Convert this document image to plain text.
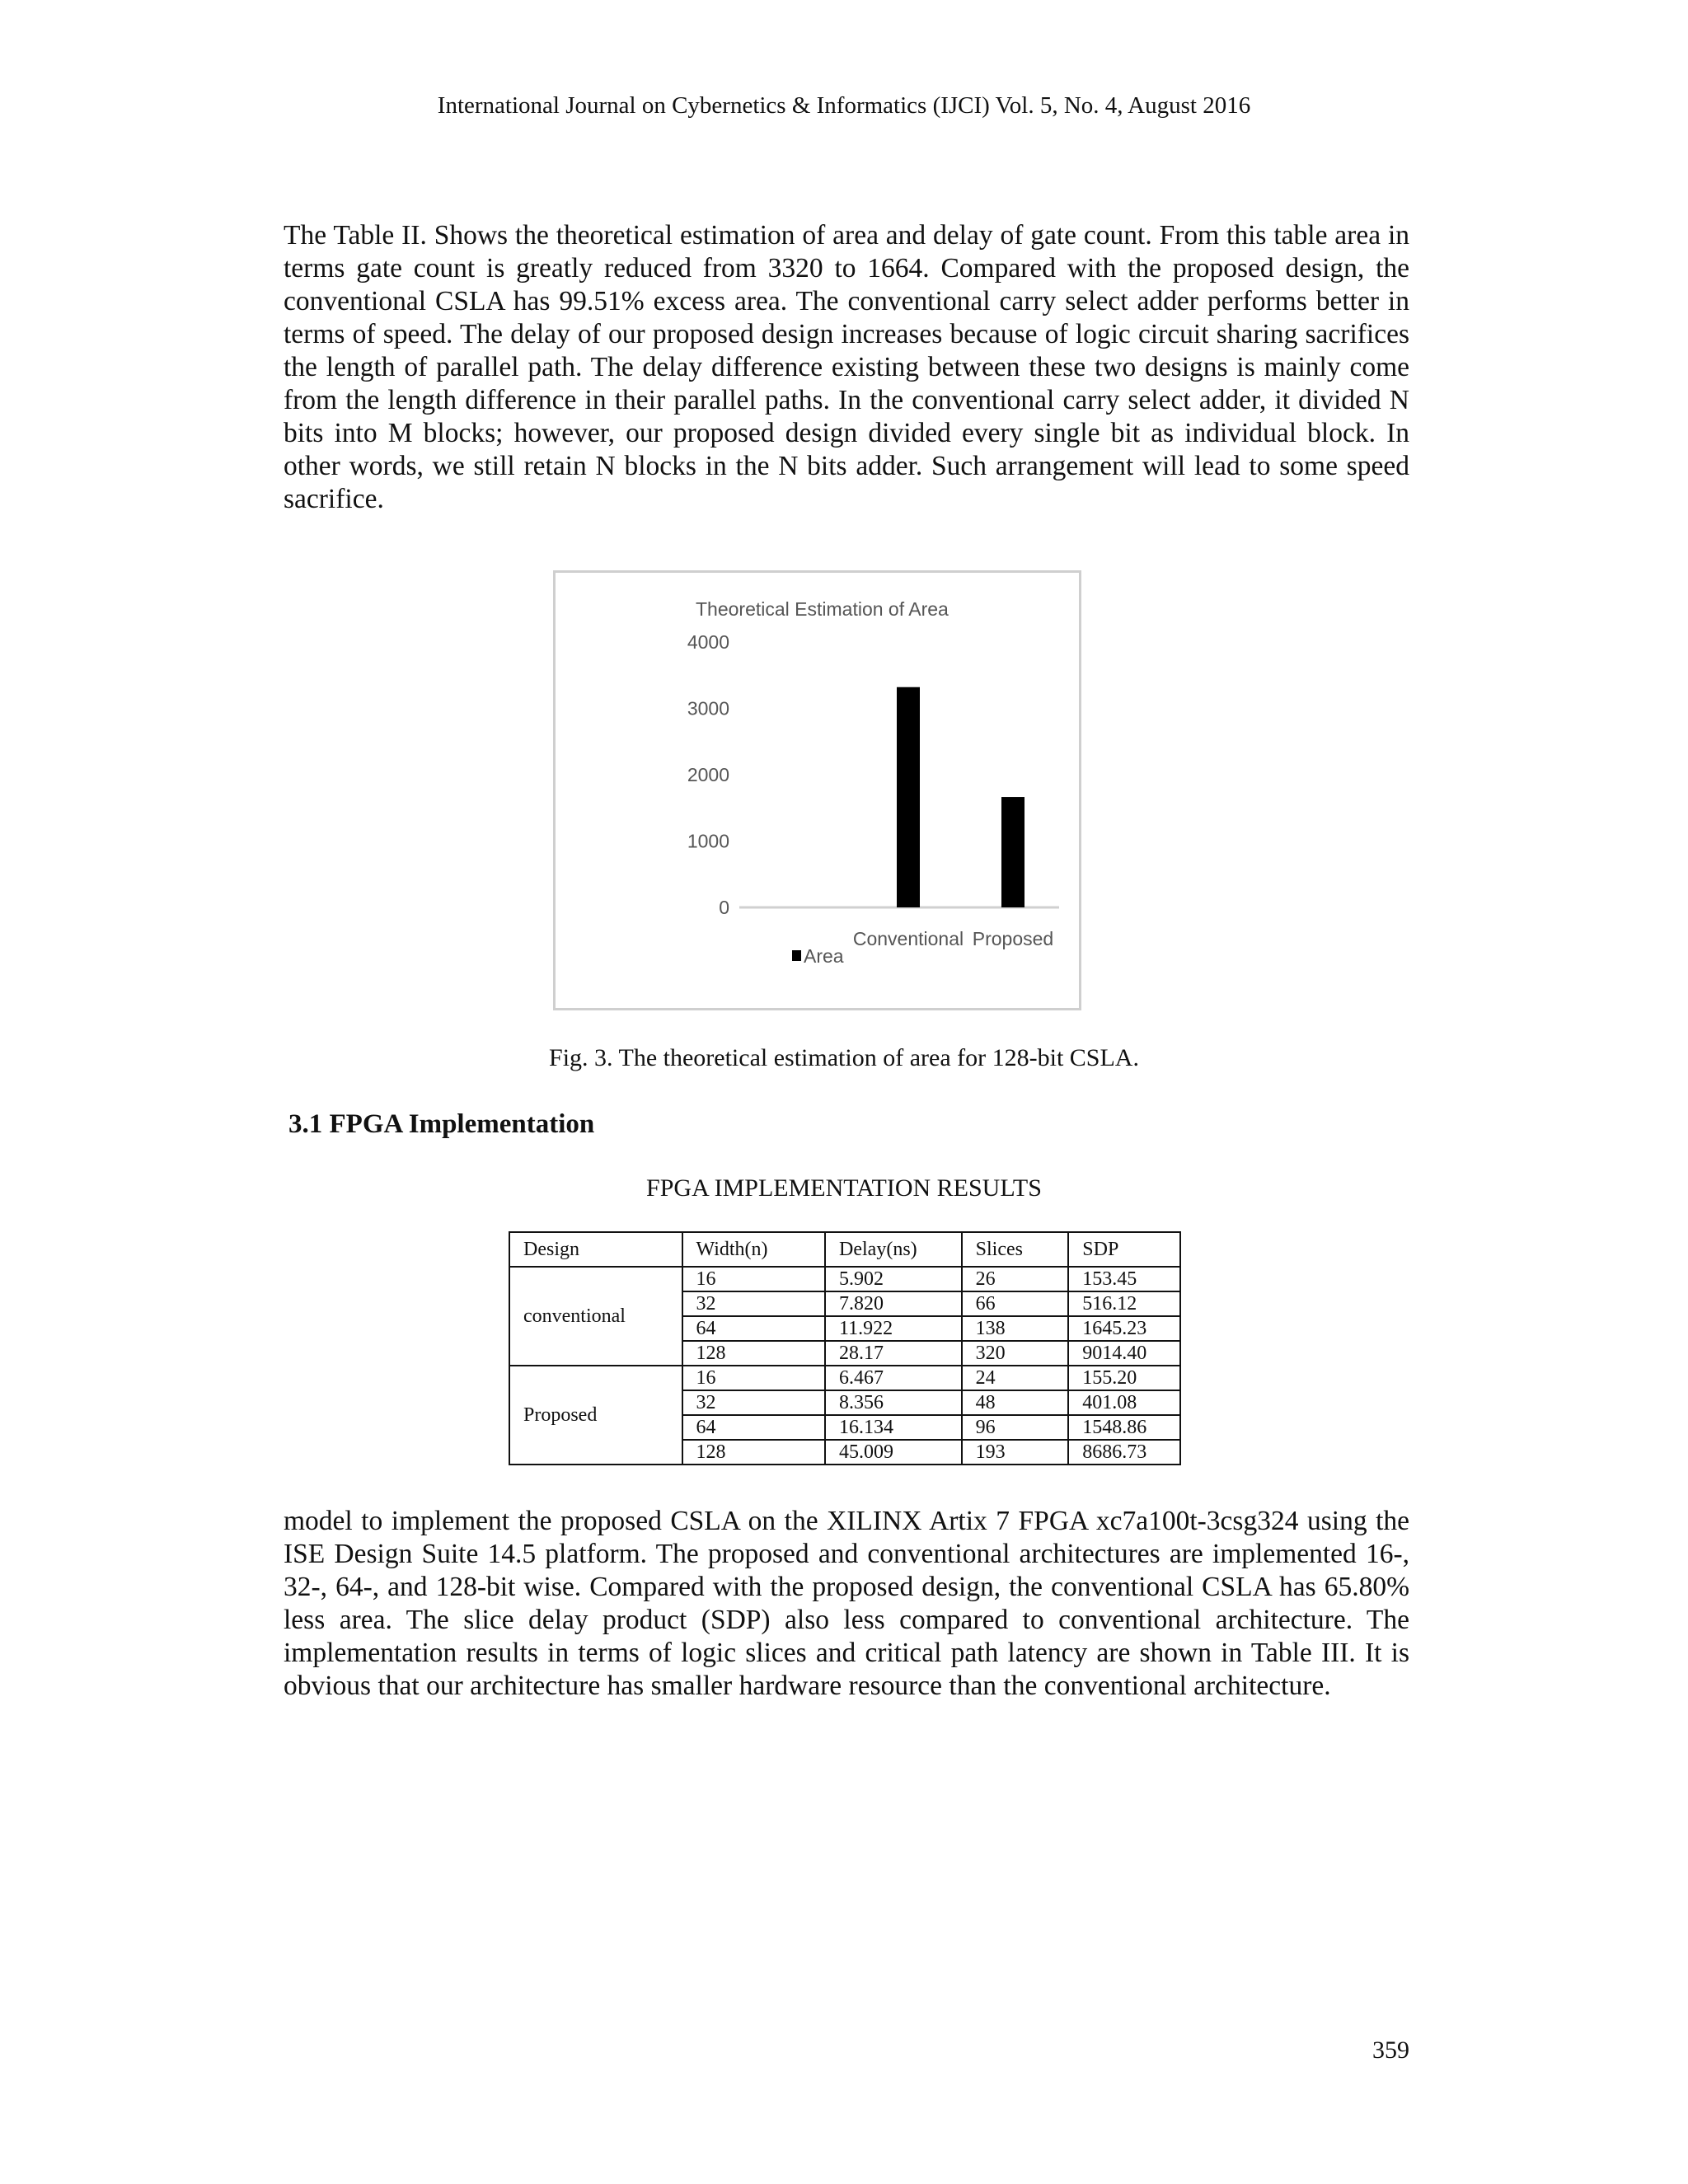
International Journal on Cybernetics & Informatics (IJCI) Vol. 5, No. 4, August 2016

The Table II. Shows the theoretical estimation of area and delay of gate count. From this table area in terms gate count is greatly reduced from 3320 to 1664. Compared with the proposed design, the conventional CSLA has 99.51% excess area. The conventional carry select adder performs better in terms of speed. The delay of our proposed design increases because of logic circuit sharing sacrifices the length of parallel path. The delay difference existing between these two designs is mainly come from the length difference in their parallel paths. In the conventional carry select adder, it divided N bits into M blocks; however, our proposed design divided every single bit as individual block. In other words, we still retain N blocks in the N bits adder. Such arrangement will lead to some speed sacrifice.

Theoretical Estimation of Area
0
1000
2000
3000
4000
Conventional Proposed
Area
Fig. 3. The theoretical estimation of area for 128-bit CSLA.
3.1 FPGA Implementation
FPGA IMPLEMENTATION RESULTS
Design	Width(n)	Delay(ns)	Slices	SDP
conventional	16	5.902	26	153.45
	32	7.820	66	516.12
	64	11.922	138	1645.23
	128	28.17	320	9014.40
Proposed	16	6.467	24	155.20
	32	8.356	48	401.08
	64	16.134	96	1548.86
	128	45.009	193	8686.73

model to implement the proposed CSLA on the XILINX Artix 7 FPGA xc7a100t-3csg324 using the ISE Design Suite 14.5 platform. The proposed and conventional architectures are implemented 16-, 32-, 64-, and 128-bit wise. Compared with the proposed design, the conventional CSLA has 65.80% less area. The slice delay product (SDP) also less compared to conventional architecture. The implementation results in terms of logic slices and critical path latency are shown in Table III. It is obvious that our architecture has smaller hardware resource than the conventional architecture.

359
